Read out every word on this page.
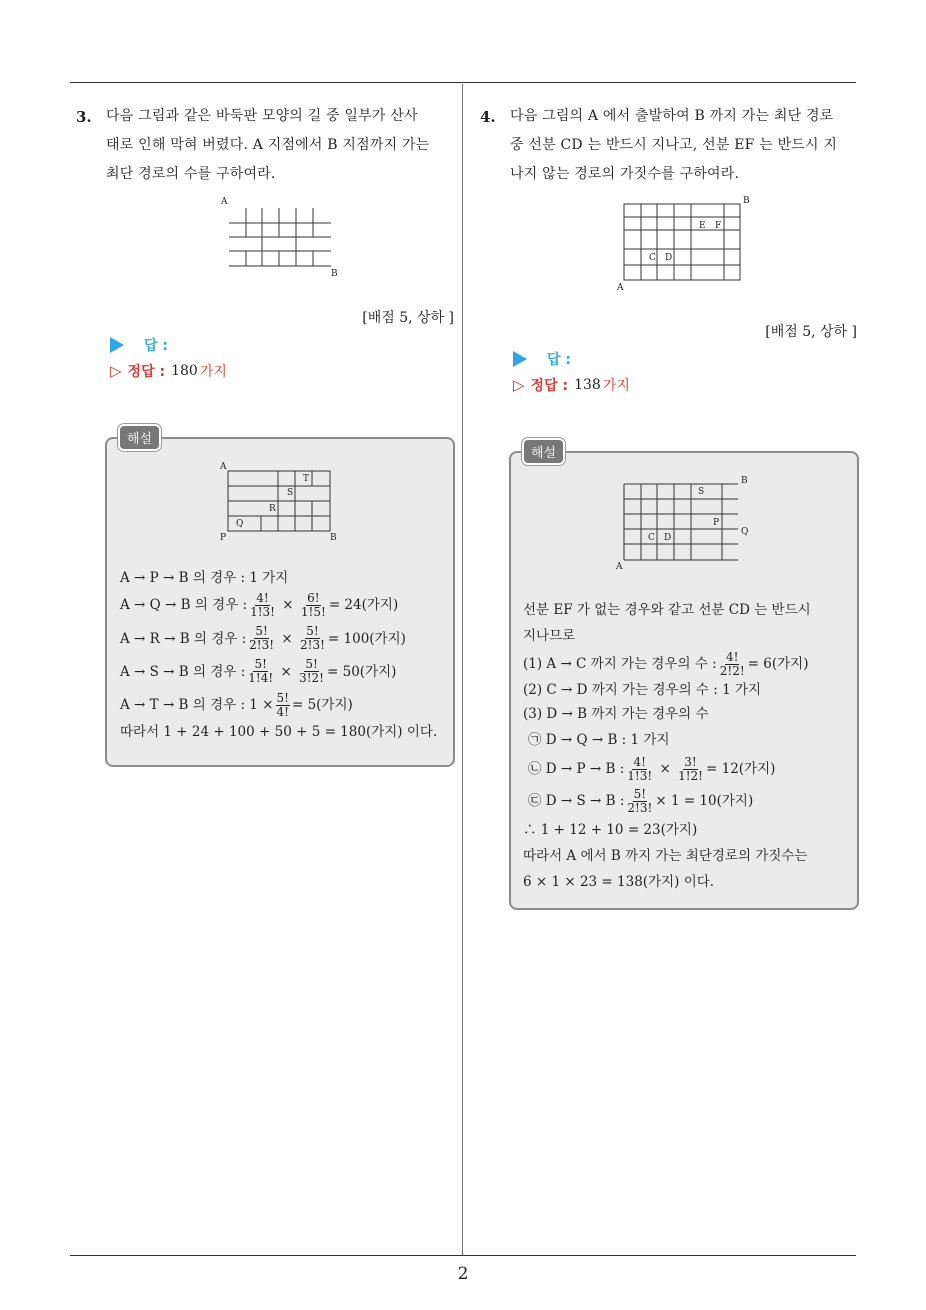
3. 다음 그림과 같은 바둑판 모양의 길 중 일부가 산사
태로 인해 막혀 버렸다. A 지점에서 B 지점까지 가는
최단 경로의 수를 구하여라.
A
B
[배점 5, 상하 ]
답 :
▷ 정답 : 180 가지
해설
A
T
S
R
Q
P	B
A → P → B 의 경우 : 1 가지
A → Q → B 의 경우 : $\frac{4!}{1!3!} \times \frac{6!}{1!5!} = 24$(가지)
A → R → B 의 경우 : $\frac{5!}{2!3!} \times \frac{5!}{2!3!} = 100$(가지)
A → S → B 의 경우 : $\frac{5!}{1!4!} \times \frac{5!}{3!2!} = 50$(가지)
A → T → B 의 경우 : $1 \times \frac{5!}{4!} = 5$(가지)
따라서 1 + 24 + 100 + 50 + 5 = 180(가지) 이다.
4. 다음 그림의 A 에서 출발하여 B 까지 가는 최단 경로
중 선분 CD 는 반드시 지나고, 선분 EF 는 반드시 지
나지 않는 경로의 가짓수를 구하여라.
B
E F
C D
A
[배점 5, 상하 ]
답 :
▷ 정답 : 138 가지
해설
B
S
P
Q
C D
A
선분 EF 가 없는 경우와 같고 선분 CD 는 반드시
지나므로
(1) A → C 까지 가는 경우의 수 : $\frac{4!}{2!2!} = 6$(가지)
(2) C → D 까지 가는 경우의 수 : 1 가지
(3) D → B 까지 가는 경우의 수
㉠ D → Q → B : 1 가지
㉡ D → P → B : $\frac{4!}{1!3!} \times \frac{3!}{1!2!} = 12$(가지)
㉢ D → S → B : $\frac{5!}{2!3!} \times 1 = 10$(가지)
∴ 1 + 12 + 10 = 23(가지)
따라서 A 에서 B 까지 가는 최단경로의 가짓수는
6 × 1 × 23 = 138(가지) 이다.
2
